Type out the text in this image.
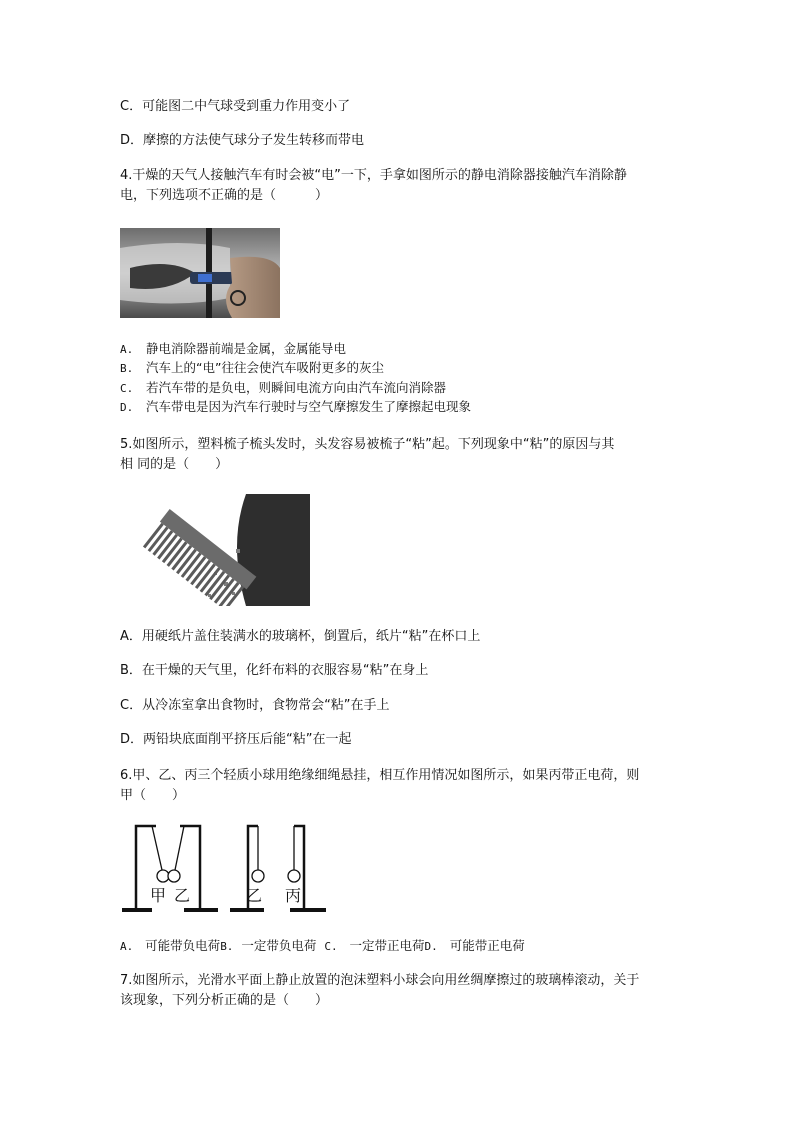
C．可能图二中气球受到重力作用变小了
D．摩擦的方法使气球分子发生转移而带电
4.干燥的天气人接触汽车有时会被“电”一下，手拿如图所示的静电消除器接触汽车消除静
电，下列选项不正确的是（　　　）
A. 静电消除器前端是金属，金属能导电
B. 汽车上的“电”往往会使汽车吸附更多的灰尘
C. 若汽车带的是负电，则瞬间电流方向由汽车流向消除器
D. 汽车带电是因为汽车行驶时与空气摩擦发生了摩擦起电现象
5.如图所示，塑料梳子梳头发时，头发容易被梳子“粘”起。下列现象中“粘”的原因与其
相 同的是（　　）
A．用硬纸片盖住装满水的玻璃杯，倒置后，纸片“粘”在杯口上
B．在干燥的天气里，化纤布料的衣服容易“粘”在身上
C．从冷冻室拿出食物时，食物常会“粘”在手上
D．两铅块底面削平挤压后能“粘”在一起
6.甲、乙、丙三个轻质小球用绝缘细绳悬挂，相互作用情况如图所示，如果丙带正电荷，则
甲（　　）
甲 乙	乙 丙
A. 可能带负电荷B. 一定带负电荷 C. 一定带正电荷D. 可能带正电荷
7.如图所示，光滑水平面上静止放置的泡沫塑料小球会向用丝绸摩擦过的玻璃棒滚动，关于
该现象，下列分析正确的是（　　）
